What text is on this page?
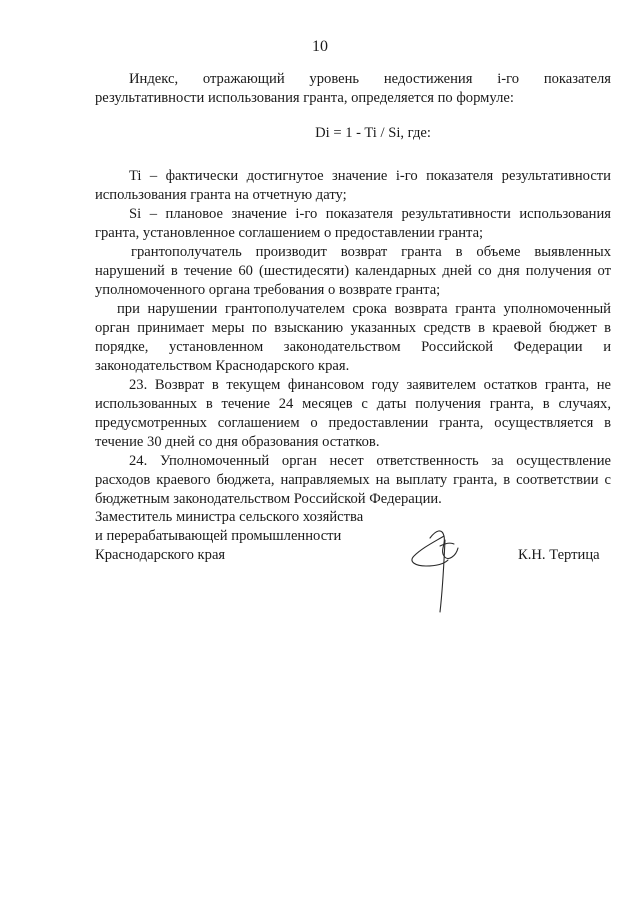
10

Индекс, отражающий уровень недостижения i-го показателя результативности использования гранта, определяется по формуле:

Di = 1 - Ti / Si, где:

Ti – фактически достигнутое значение i-го показателя результативности использования гранта на отчетную дату;

Si – плановое значение i-го показателя результативности использования гранта, установленное соглашением о предоставлении гранта;

грантополучатель производит возврат гранта в объеме выявленных нарушений в течение 60 (шестидесяти) календарных дней со дня получения от уполномоченного органа требования о возврате гранта;

при нарушении грантополучателем срока возврата гранта уполномоченный орган принимает меры по взысканию указанных средств в краевой бюджет в порядке, установленном законодательством Российской Федерации и законодательством Краснодарского края.

23. Возврат в текущем финансовом году заявителем остатков гранта, не использованных в течение 24 месяцев с даты получения гранта, в случаях, предусмотренных соглашением о предоставлении гранта, осуществляется в течение 30 дней со дня образования остатков.

24. Уполномоченный орган несет ответственность за осуществление расходов краевого бюджета, направляемых на выплату гранта, в соответствии с бюджетным законодательством Российской Федерации.

Заместитель министра сельского хозяйства
и перерабатывающей промышленности
Краснодарского края	К.Н. Тертица
